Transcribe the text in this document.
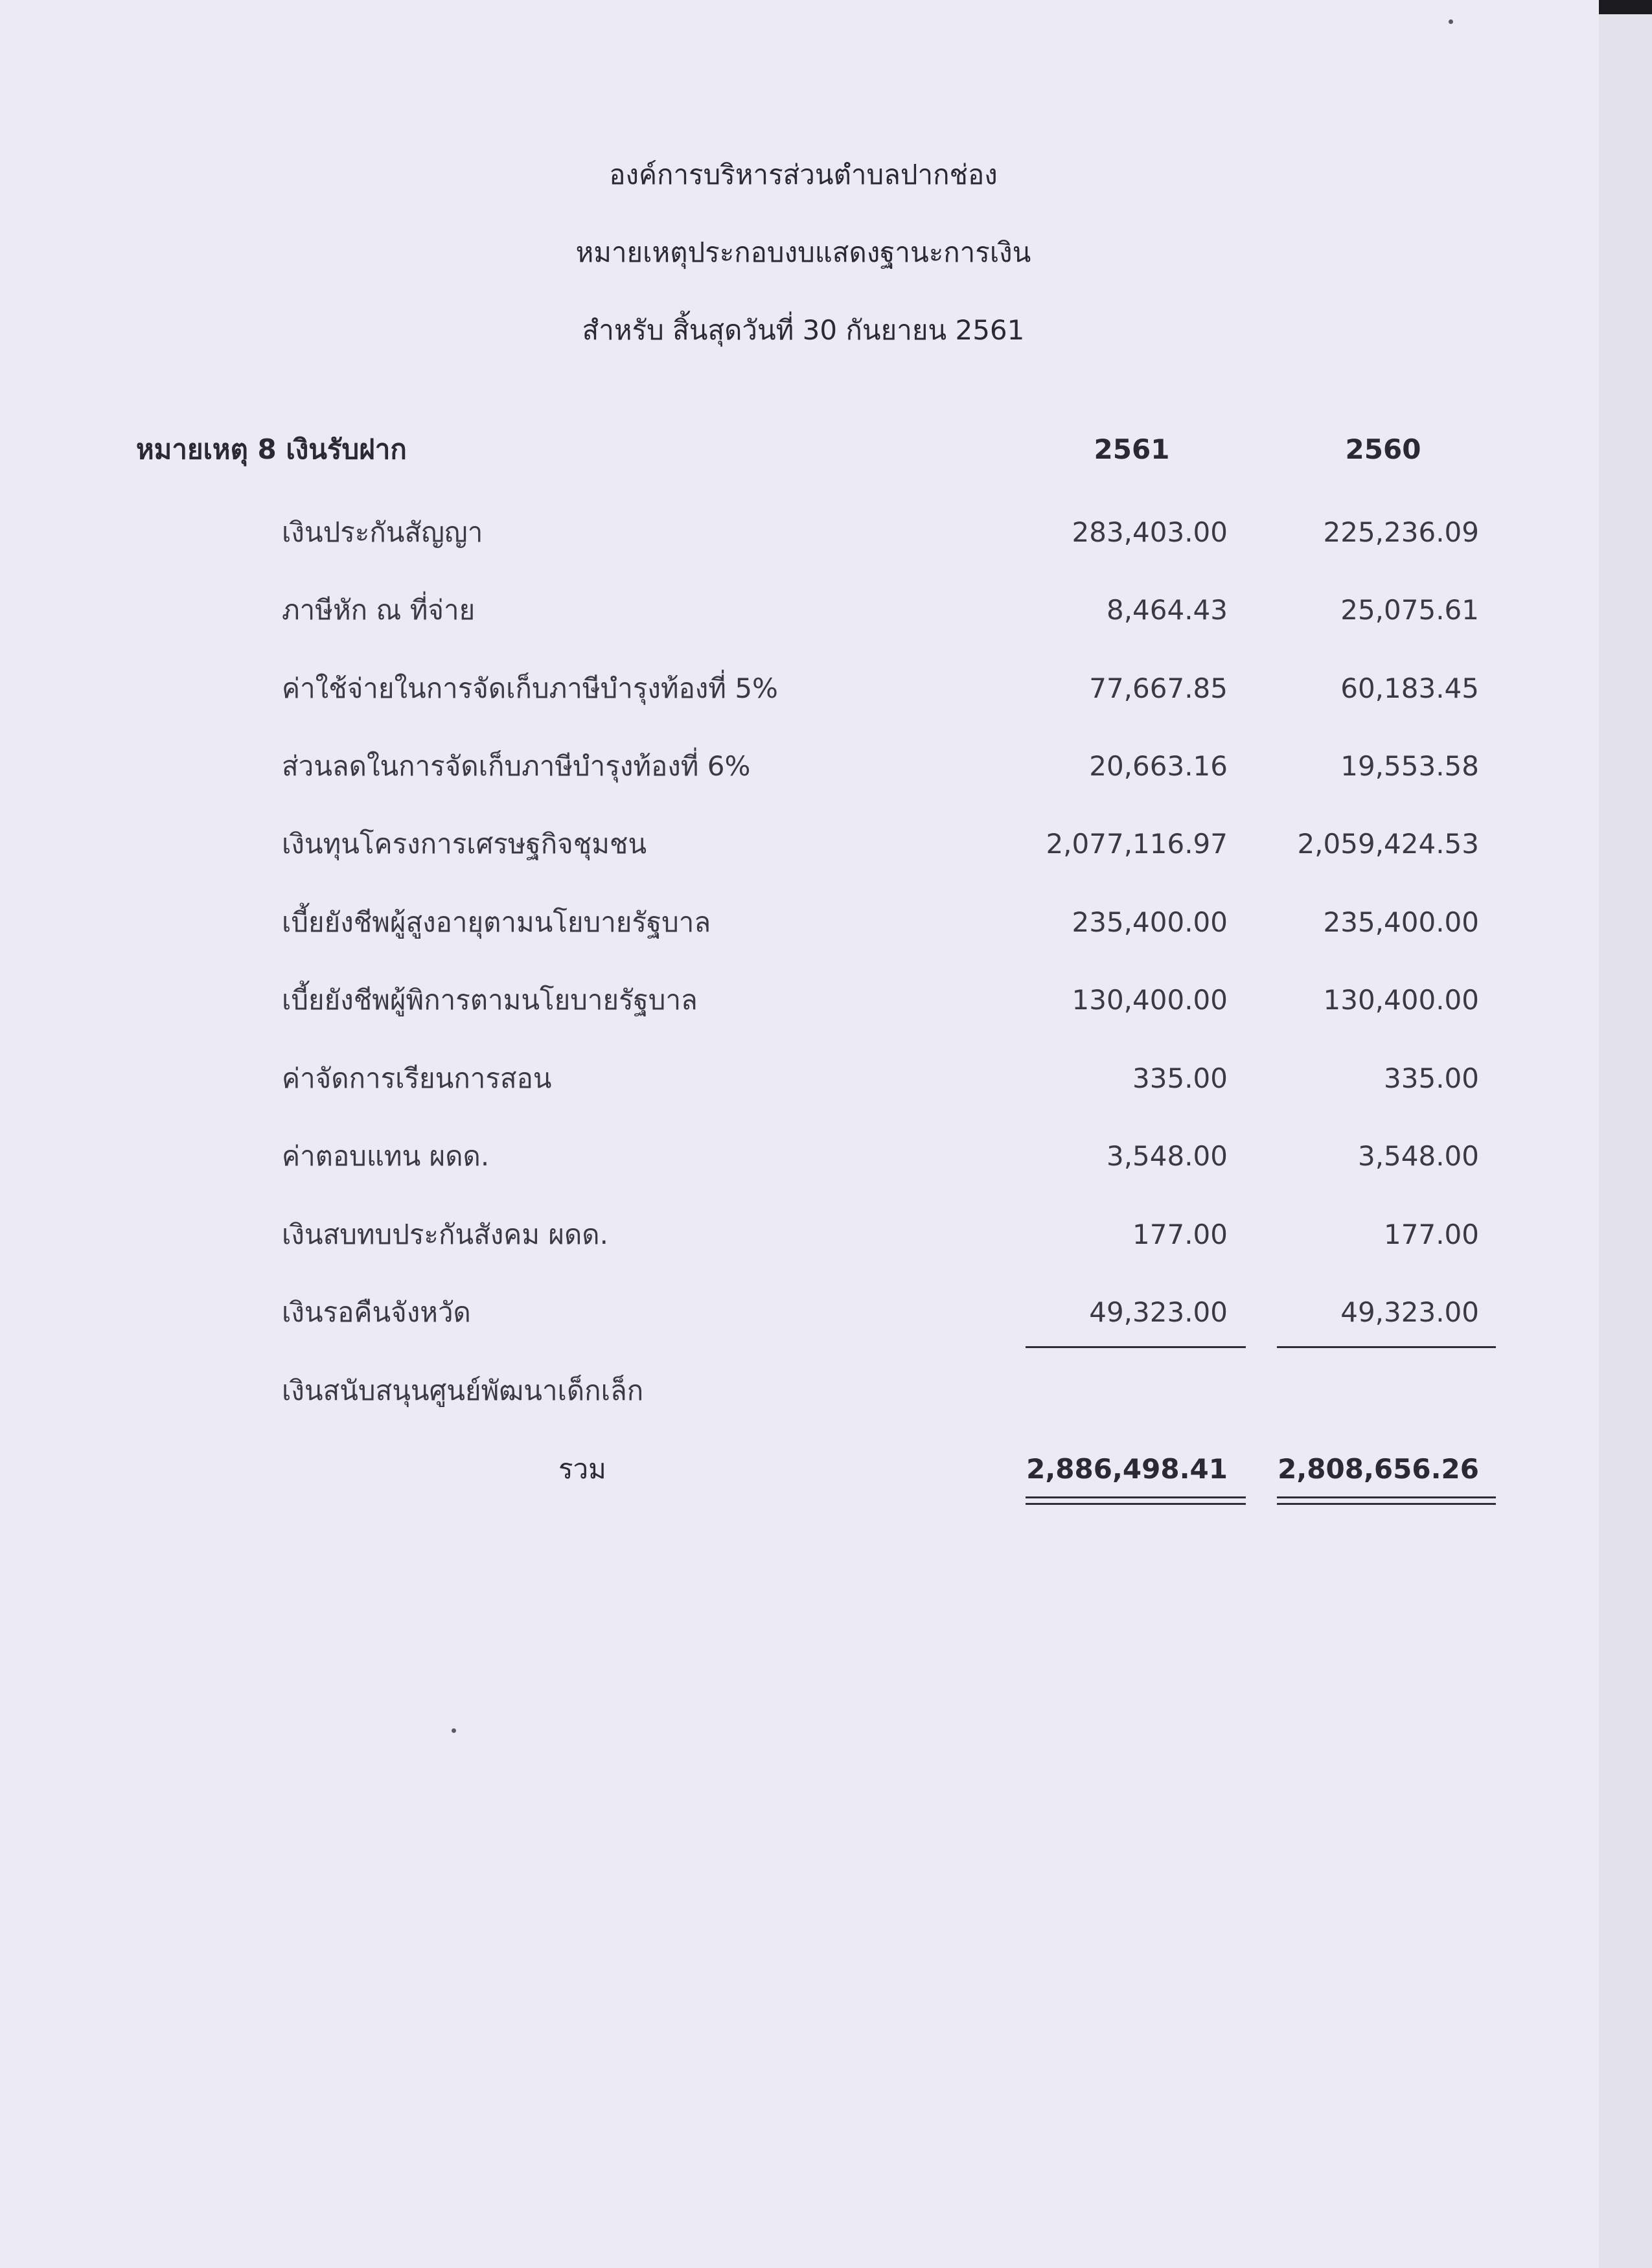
องค์การบริหารส่วนตำบลปากช่อง
หมายเหตุประกอบงบแสดงฐานะการเงิน
สำหรับ สิ้นสุดวันที่ 30 กันยายน 2561
หมายเหตุ 8 เงินรับฝาก	2561	2560
เงินประกันสัญญา	283,403.00	225,236.09
ภาษีหัก ณ ที่จ่าย	8,464.43	25,075.61
ค่าใช้จ่ายในการจัดเก็บภาษีบำรุงท้องที่ 5%	77,667.85	60,183.45
ส่วนลดในการจัดเก็บภาษีบำรุงท้องที่ 6%	20,663.16	19,553.58
เงินทุนโครงการเศรษฐกิจชุมชน	2,077,116.97	2,059,424.53
เบี้ยยังชีพผู้สูงอายุตามนโยบายรัฐบาล	235,400.00	235,400.00
เบี้ยยังชีพผู้พิการตามนโยบายรัฐบาล	130,400.00	130,400.00
ค่าจัดการเรียนการสอน	335.00	335.00
ค่าตอบแทน ผดด.	3,548.00	3,548.00
เงินสบทบประกันสังคม ผดด.	177.00	177.00
เงินรอคืนจังหวัด	49,323.00	49,323.00
เงินสนับสนุนศูนย์พัฒนาเด็กเล็ก
รวม	2,886,498.41	2,808,656.26
